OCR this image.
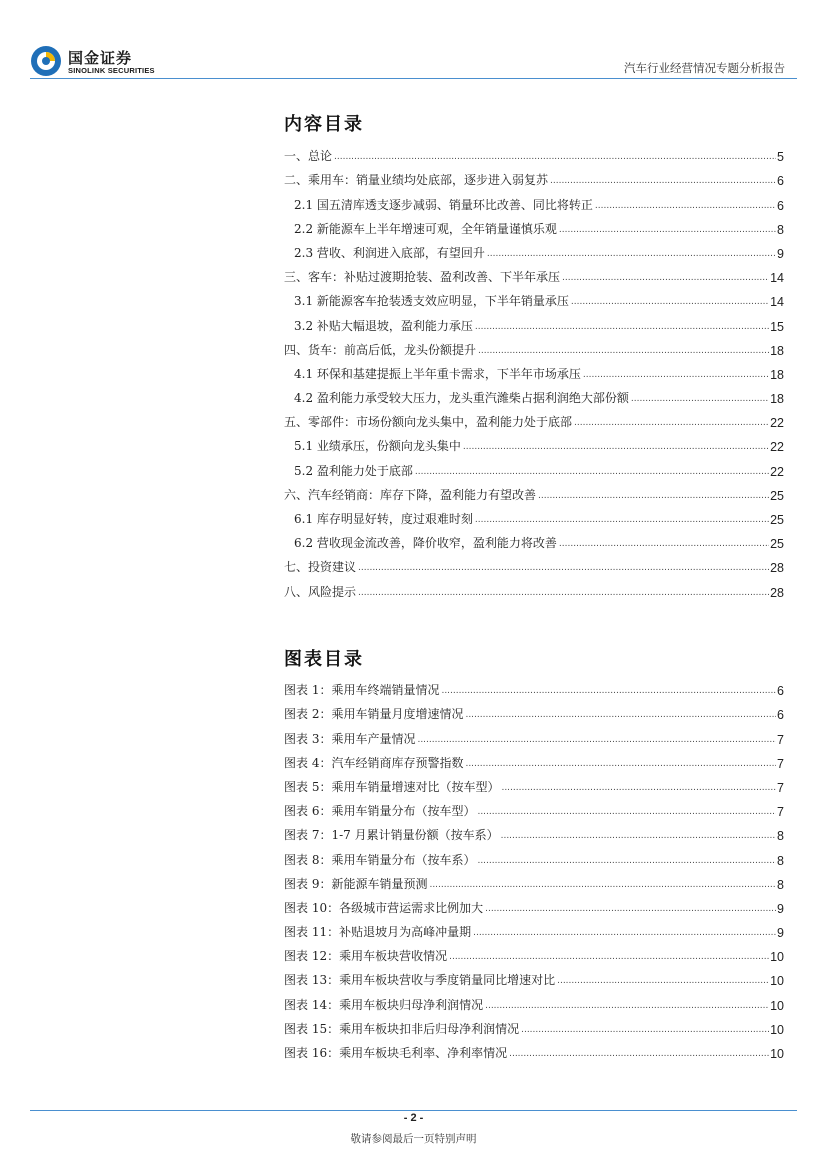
国金证券
SINOLINK SECURITIES	汽车行业经营情况专题分析报告
内容目录
一、总论 .....	5
二、乘用车：销量业绩均处底部，逐步进入弱复苏 .....	6
2.1 国五清库透支逐步减弱、销量环比改善、同比将转正 .....	6
2.2 新能源车上半年增速可观，全年销量谨慎乐观 .....	8
2.3 营收、利润进入底部，有望回升 .....	9
三、客车：补贴过渡期抢装、盈利改善、下半年承压 .....	14
3.1 新能源客车抢装透支效应明显，下半年销量承压 .....	14
3.2 补贴大幅退坡，盈利能力承压 .....	15
四、货车：前高后低，龙头份额提升 .....	18
4.1 环保和基建提振上半年重卡需求，下半年市场承压 .....	18
4.2 盈利能力承受较大压力，龙头重汽潍柴占据利润绝大部份额 .....	18
五、零部件：市场份额向龙头集中，盈利能力处于底部 .....	22
5.1 业绩承压，份额向龙头集中 .....	22
5.2 盈利能力处于底部 .....	22
六、汽车经销商：库存下降，盈利能力有望改善 .....	25
6.1 库存明显好转，度过艰难时刻 .....	25
6.2 营收现金流改善，降价收窄，盈利能力将改善 .....	25
七、投资建议 .....	28
八、风险提示 .....	28
图表目录
图表 1：乘用车终端销量情况 .....	6
图表 2：乘用车销量月度增速情况 .....	6
图表 3：乘用车产量情况 .....	7
图表 4：汽车经销商库存预警指数 .....	7
图表 5：乘用车销量增速对比（按车型） .....	7
图表 6：乘用车销量分布（按车型） .....	7
图表 7：1-7 月累计销量份额（按车系） .....	8
图表 8：乘用车销量分布（按车系） .....	8
图表 9：新能源车销量预测 .....	8
图表 10：各级城市营运需求比例加大 .....	9
图表 11：补贴退坡月为高峰冲量期 .....	9
图表 12：乘用车板块营收情况 .....	10
图表 13：乘用车板块营收与季度销量同比增速对比 .....	10
图表 14：乘用车板块归母净利润情况 .....	10
图表 15：乘用车板块扣非后归母净利润情况 .....	10
图表 16：乘用车板块毛利率、净利率情况 .....	10
- 2 -
敬请参阅最后一页特别声明
